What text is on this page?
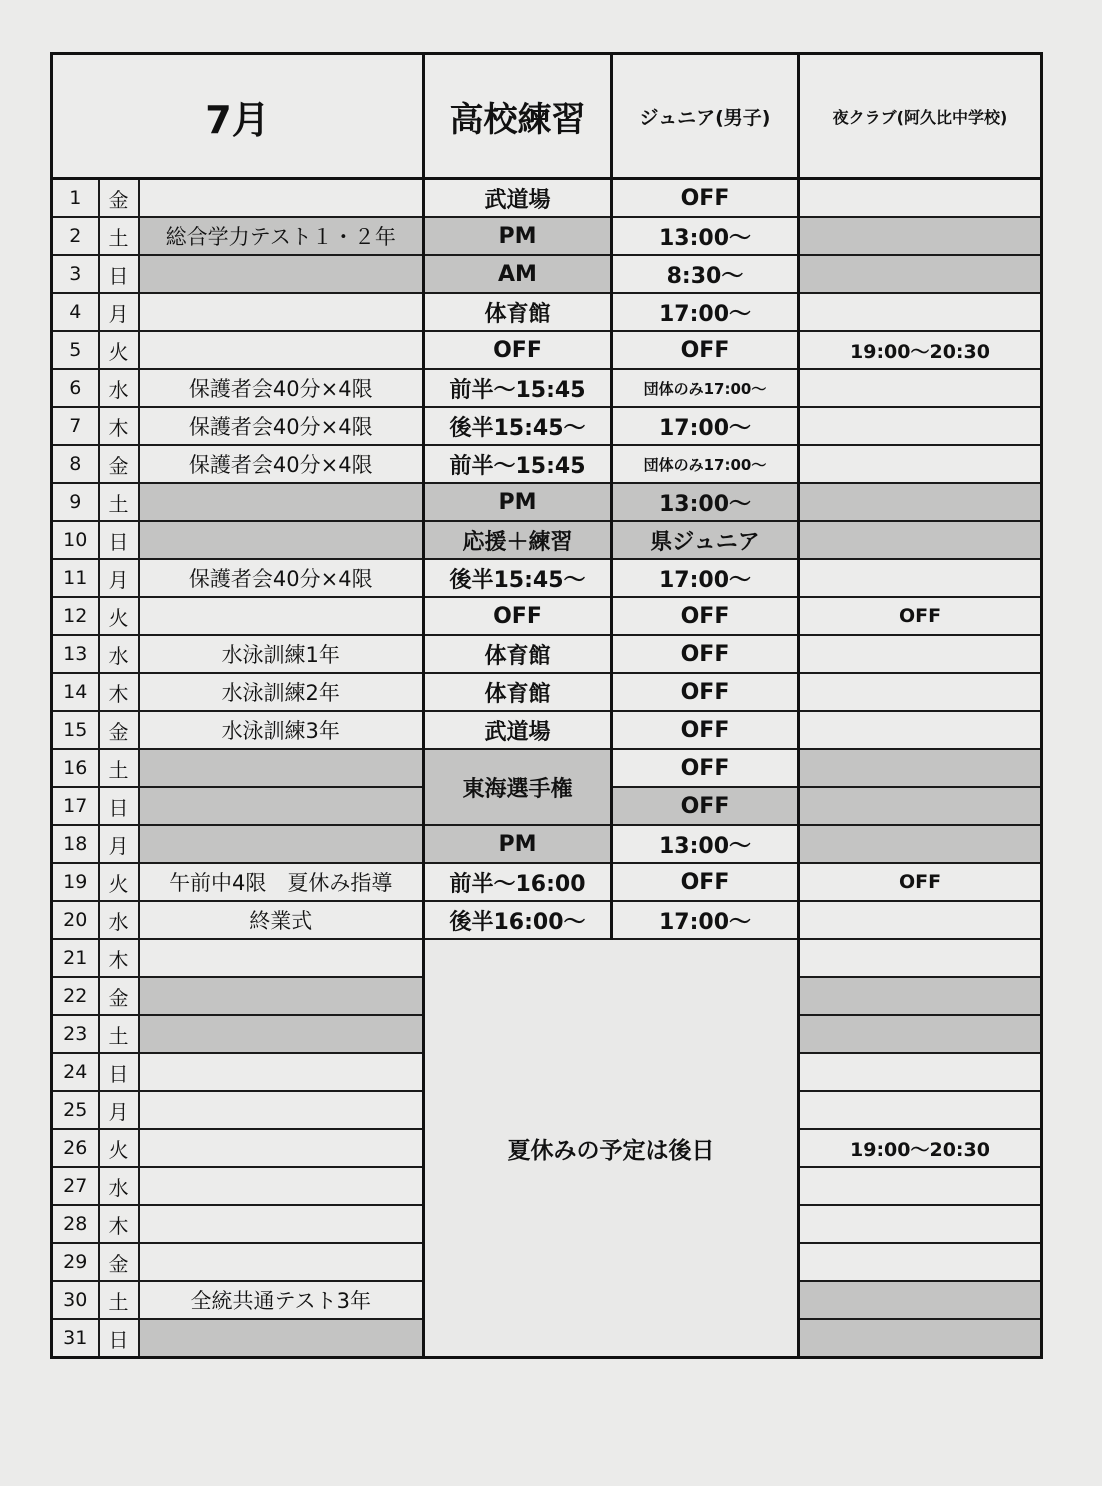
7月			高校練習	ジュニア(男子)	夜クラブ(阿久比中学校)
1	金		武道場	OFF	
2	土	総合学力テスト１・２年	PM	13:00〜	
3	日		AM	8:30〜	
4	月		体育館	17:00〜	
5	火		OFF	OFF	19:00〜20:30
6	水	保護者会40分×4限	前半〜15:45	団体のみ17:00〜	
7	木	保護者会40分×4限	後半15:45〜	17:00〜	
8	金	保護者会40分×4限	前半〜15:45	団体のみ17:00〜	
9	土		PM	13:00〜	
10	日		応援＋練習	県ジュニア	
11	月	保護者会40分×4限	後半15:45〜	17:00〜	
12	火		OFF	OFF	OFF
13	水	水泳訓練1年	体育館	OFF	
14	木	水泳訓練2年	体育館	OFF	
15	金	水泳訓練3年	武道場	OFF	
16	土		東海選手権	OFF	
17	日			OFF	
18	月		PM	13:00〜	
19	火	午前中4限　夏休み指導	前半〜16:00	OFF	OFF
20	水	終業式	後半16:00〜	17:00〜	
21	木		夏休みの予定は後日		
22	金				
23	土				
24	日				
25	月				
26	火				19:00〜20:30
27	水				
28	木				
29	金				
30	土	全統共通テスト3年			
31	日				
